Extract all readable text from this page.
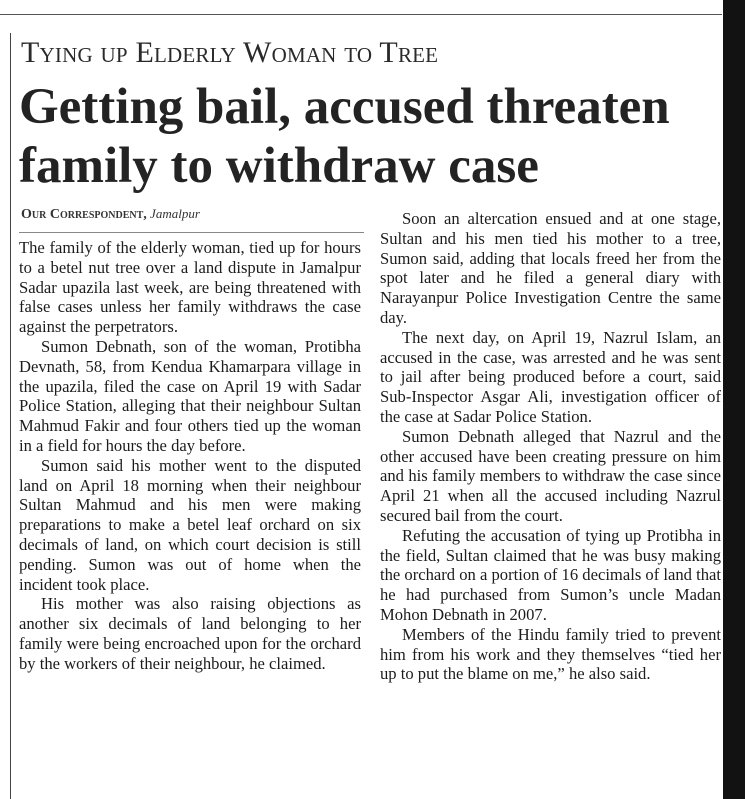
Tying up Elderly Woman to Tree
Getting bail, accused threaten family to withdraw case
Our Correspondent, Jamalpur

The family of the elderly woman, tied up for hours to a betel nut tree over a land dispute in Jamalpur Sadar upazila last week, are being threatened with false cases unless her family withdraws the case against the perpetrators.

Sumon Debnath, son of the woman, Protibha Devnath, 58, from Kendua Khamarpara village in the upazila, filed the case on April 19 with Sadar Police Station, alleging that their neighbour Sultan Mahmud Fakir and four others tied up the woman in a field for hours the day before.

Sumon said his mother went to the disputed land on April 18 morning when their neighbour Sultan Mahmud and his men were making preparations to make a betel leaf orchard on six decimals of land, on which court decision is still pending. Sumon was out of home when the incident took place.

His mother was also raising objections as another six decimals of land belonging to her family were being encroached upon for the orchard by the workers of their neighbour, he claimed.

Soon an altercation ensued and at one stage, Sultan and his men tied his mother to a tree, Sumon said, adding that locals freed her from the spot later and he filed a general diary with Narayanpur Police Investigation Centre the same day.

The next day, on April 19, Nazrul Islam, an accused in the case, was arrested and he was sent to jail after being produced before a court, said Sub-Inspector Asgar Ali, investigation officer of the case at Sadar Police Station.

Sumon Debnath alleged that Nazrul and the other accused have been creating pressure on him and his family members to withdraw the case since April 21 when all the accused including Nazrul secured bail from the court.

Refuting the accusation of tying up Protibha in the field, Sultan claimed that he was busy making the orchard on a portion of 16 decimals of land that he had purchased from Sumon’s uncle Madan Mohon Debnath in 2007.

Members of the Hindu family tried to prevent him from his work and they themselves “tied her up to put the blame on me,” he also said.
